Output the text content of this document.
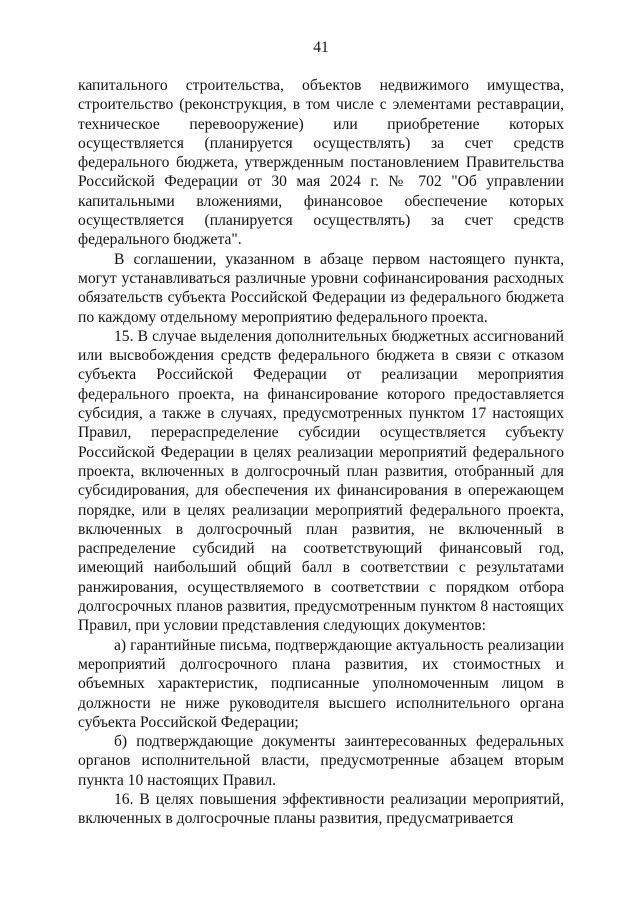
41

капитального строительства, объектов недвижимого имущества, строительство (реконструкция, в том числе с элементами реставрации, техническое перевооружение) или приобретение которых осуществляется (планируется осуществлять) за счет средств федерального бюджета, утвержденным постановлением Правительства Российской Федерации от 30 мая 2024 г. № 702 "Об управлении капитальными вложениями, финансовое обеспечение которых осуществляется (планируется осуществлять) за счет средств федерального бюджета".

В соглашении, указанном в абзаце первом настоящего пункта, могут устанавливаться различные уровни софинансирования расходных обязательств субъекта Российской Федерации из федерального бюджета по каждому отдельному мероприятию федерального проекта.

15. В случае выделения дополнительных бюджетных ассигнований или высвобождения средств федерального бюджета в связи с отказом субъекта Российской Федерации от реализации мероприятия федерального проекта, на финансирование которого предоставляется субсидия, а также в случаях, предусмотренных пунктом 17 настоящих Правил, перераспределение субсидии осуществляется субъекту Российской Федерации в целях реализации мероприятий федерального проекта, включенных в долгосрочный план развития, отобранный для субсидирования, для обеспечения их финансирования в опережающем порядке, или в целях реализации мероприятий федерального проекта, включенных в долгосрочный план развития, не включенный в распределение субсидий на соответствующий финансовый год, имеющий наибольший общий балл в соответствии с результатами ранжирования, осуществляемого в соответствии с порядком отбора долгосрочных планов развития, предусмотренным пунктом 8 настоящих Правил, при условии представления следующих документов:

а) гарантийные письма, подтверждающие актуальность реализации мероприятий долгосрочного плана развития, их стоимостных и объемных характеристик, подписанные уполномоченным лицом в должности не ниже руководителя высшего исполнительного органа субъекта Российской Федерации;

б) подтверждающие документы заинтересованных федеральных органов исполнительной власти, предусмотренные абзацем вторым пункта 10 настоящих Правил.

16. В целях повышения эффективности реализации мероприятий, включенных в долгосрочные планы развития, предусматривается
